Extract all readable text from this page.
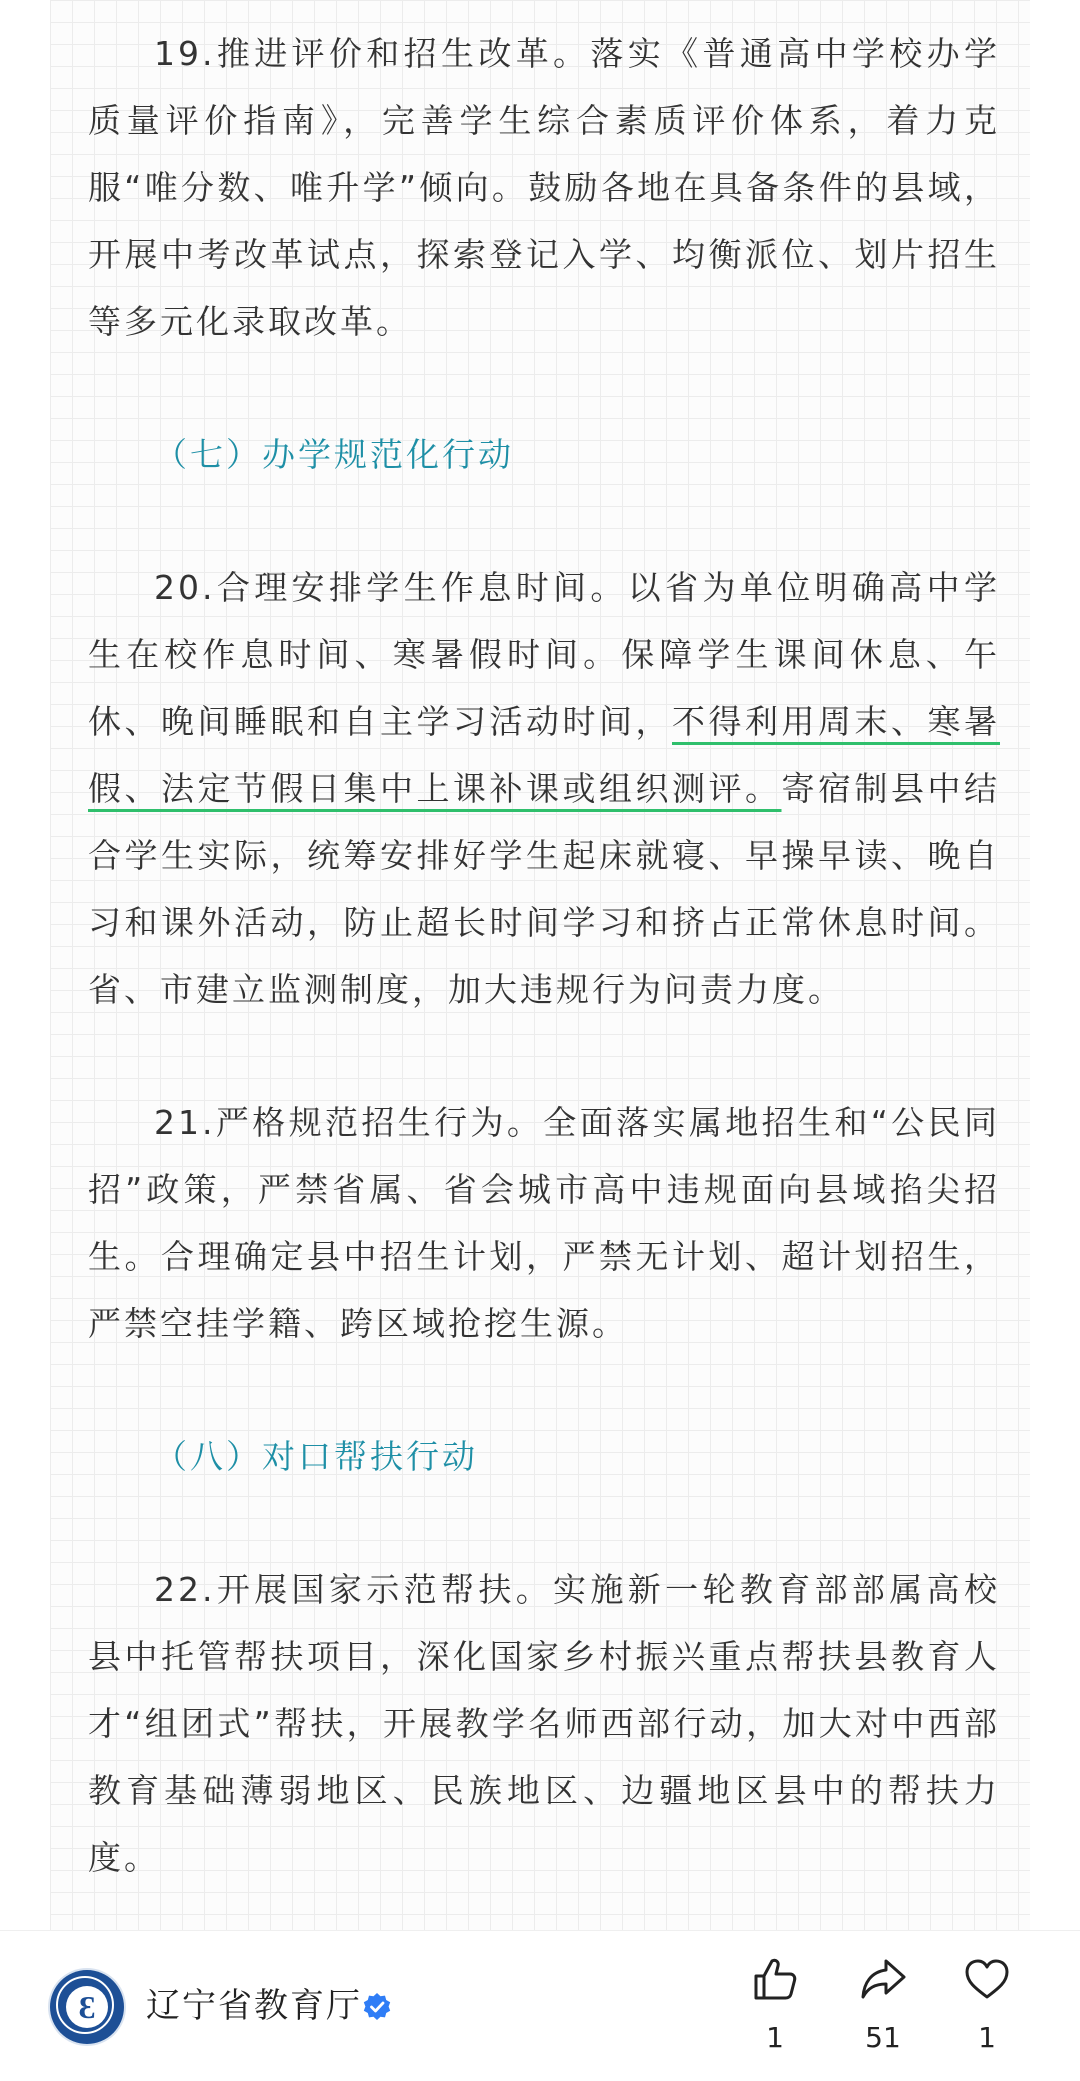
19.推进评价和招生改革。落实《普通高中学校办学质量评价指南》，完善学生综合素质评价体系，着力克服“唯分数、唯升学”倾向。鼓励各地在具备条件的县域，开展中考改革试点，探索登记入学、均衡派位、划片招生等多元化录取改革。

（七）办学规范化行动

20.合理安排学生作息时间。以省为单位明确高中学生在校作息时间、寒暑假时间。保障学生课间休息、午休、晚间睡眠和自主学习活动时间，不得利用周末、寒暑假、法定节假日集中上课补课或组织测评。寄宿制县中结合学生实际，统筹安排好学生起床就寝、早操早读、晚自习和课外活动，防止超长时间学习和挤占正常休息时间。省、市建立监测制度，加大违规行为问责力度。

21.严格规范招生行为。全面落实属地招生和“公民同招”政策，严禁省属、省会城市高中违规面向县域掐尖招生。合理确定县中招生计划，严禁无计划、超计划招生，严禁空挂学籍、跨区域抢挖生源。

（八）对口帮扶行动

22.开展国家示范帮扶。实施新一轮教育部部属高校县中托管帮扶项目，深化国家乡村振兴重点帮扶县教育人才“组团式”帮扶，开展教学名师西部行动，加大对中西部教育基础薄弱地区、民族地区、边疆地区县中的帮扶力度。

Ɛ	辽宁省教育厅
1	51	1
